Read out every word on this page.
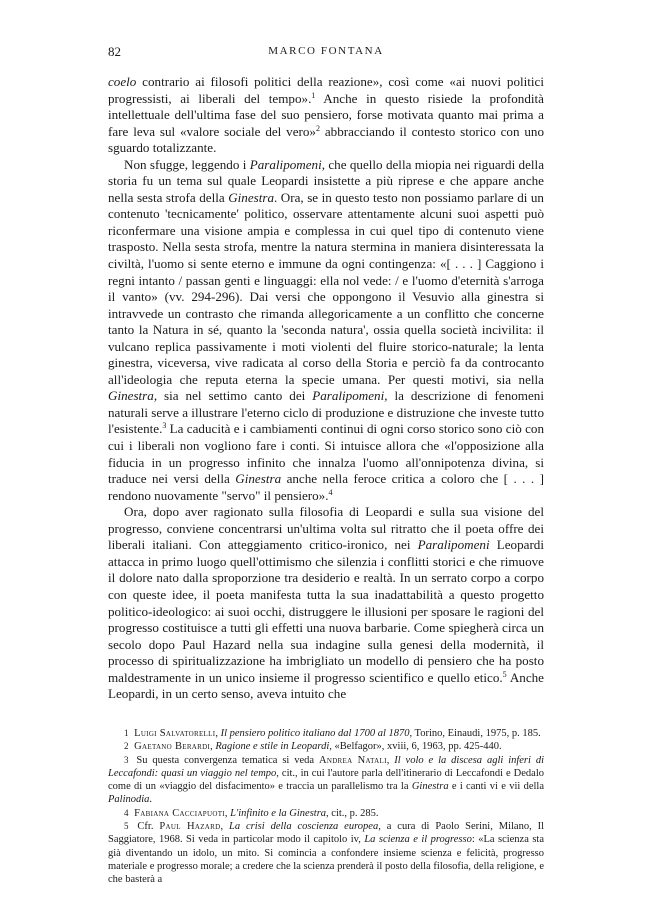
82	MARCO FONTANA

coelo contrario ai filosofi politici della reazione», così come «ai nuovi politici progressisti, ai liberali del tempo».$^1$ Anche in questo risiede la profondità intellettuale dell'ultima fase del suo pensiero, forse motivata quanto mai prima a fare leva sul «valore sociale del vero»$^2$ abbracciando il contesto storico con uno sguardo totalizzante.

Non sfugge, leggendo i Paralipomeni, che quello della miopia nei riguardi della storia fu un tema sul quale Leopardi insistette a più riprese e che appare anche nella sesta strofa della Ginestra. Ora, se in questo testo non possiamo parlare di un contenuto 'tecnicamente' politico, osservare attentamente alcuni suoi aspetti può riconfermare una visione ampia e complessa in cui quel tipo di contenuto viene trasposto. Nella sesta strofa, mentre la natura stermina in maniera disinteressata la civiltà, l'uomo si sente eterno e immune da ogni contingenza: «[ . . . ] Caggiono i regni intanto / passan genti e linguaggi: ella nol vede: / e l'uomo d'eternità s'arroga il vanto» (vv. 294-296). Dai versi che oppongono il Vesuvio alla ginestra si intravvede un contrasto che rimanda allegoricamente a un conflitto che concerne tanto la Natura in sé, quanto la 'seconda natura', ossia quella società incivilita: il vulcano replica passivamente i moti violenti del fluire storico-naturale; la lenta ginestra, viceversa, vive radicata al corso della Storia e perciò fa da controcanto all'ideologia che reputa eterna la specie umana. Per questi motivi, sia nella Ginestra, sia nel settimo canto dei Paralipomeni, la descrizione di fenomeni naturali serve a illustrare l'eterno ciclo di produzione e distruzione che investe tutto l'esistente.$^3$ La caducità e i cambiamenti continui di ogni corso storico sono ciò con cui i liberali non vogliono fare i conti. Si intuisce allora che «l'opposizione alla fiducia in un progresso infinito che innalza l'uomo all'onnipotenza divina, si traduce nei versi della Ginestra anche nella feroce critica a coloro che [ . . . ] rendono nuovamente "servo" il pensiero».$^4$

Ora, dopo aver ragionato sulla filosofia di Leopardi e sulla sua visione del progresso, conviene concentrarsi un'ultima volta sul ritratto che il poeta offre dei liberali italiani. Con atteggiamento critico-ironico, nei Paralipomeni Leopardi attacca in primo luogo quell'ottimismo che silenzia i conflitti storici e che rimuove il dolore nato dalla sproporzione tra desiderio e realtà. In un serrato corpo a corpo con queste idee, il poeta manifesta tutta la sua inadattabilità a questo progetto politico-ideologico: ai suoi occhi, distruggere le illusioni per sposare le ragioni del progresso costituisce a tutti gli effetti una nuova barbarie. Come spiegherà circa un secolo dopo Paul Hazard nella sua indagine sulla genesi della modernità, il processo di spiritualizzazione ha imbrigliato un modello di pensiero che ha posto maldestramente in un unico insieme il progresso scientifico e quello etico.$^5$ Anche Leopardi, in un certo senso, aveva intuito che

1 Luigi Salvatorelli, Il pensiero politico italiano dal 1700 al 1870, Torino, Einaudi, 1975, p. 185.

2 Gaetano Berardi, Ragione e stile in Leopardi, «Belfagor», xviii, 6, 1963, pp. 425-440.

3 Su questa convergenza tematica si veda Andrea Natali, Il volo e la discesa agli inferi di Leccafondi: quasi un viaggio nel tempo, cit., in cui l'autore parla dell'itinerario di Leccafondi e Dedalo come di un «viaggio del disfacimento» e traccia un parallelismo tra la Ginestra e i canti vi e vii della Palinodia.

4 Fabiana Cacciapuoti, L'infinito e la Ginestra, cit., p. 285.

5 Cfr. Paul Hazard, La crisi della coscienza europea, a cura di Paolo Serini, Milano, Il Saggiatore, 1968. Si veda in particolar modo il capitolo iv, La scienza e il progresso: «La scienza sta già diventando un idolo, un mito. Si comincia a confondere insieme scienza e felicità, progresso materiale e progresso morale; a credere che la scienza prenderà il posto della filosofia, della religione, e che basterà a
